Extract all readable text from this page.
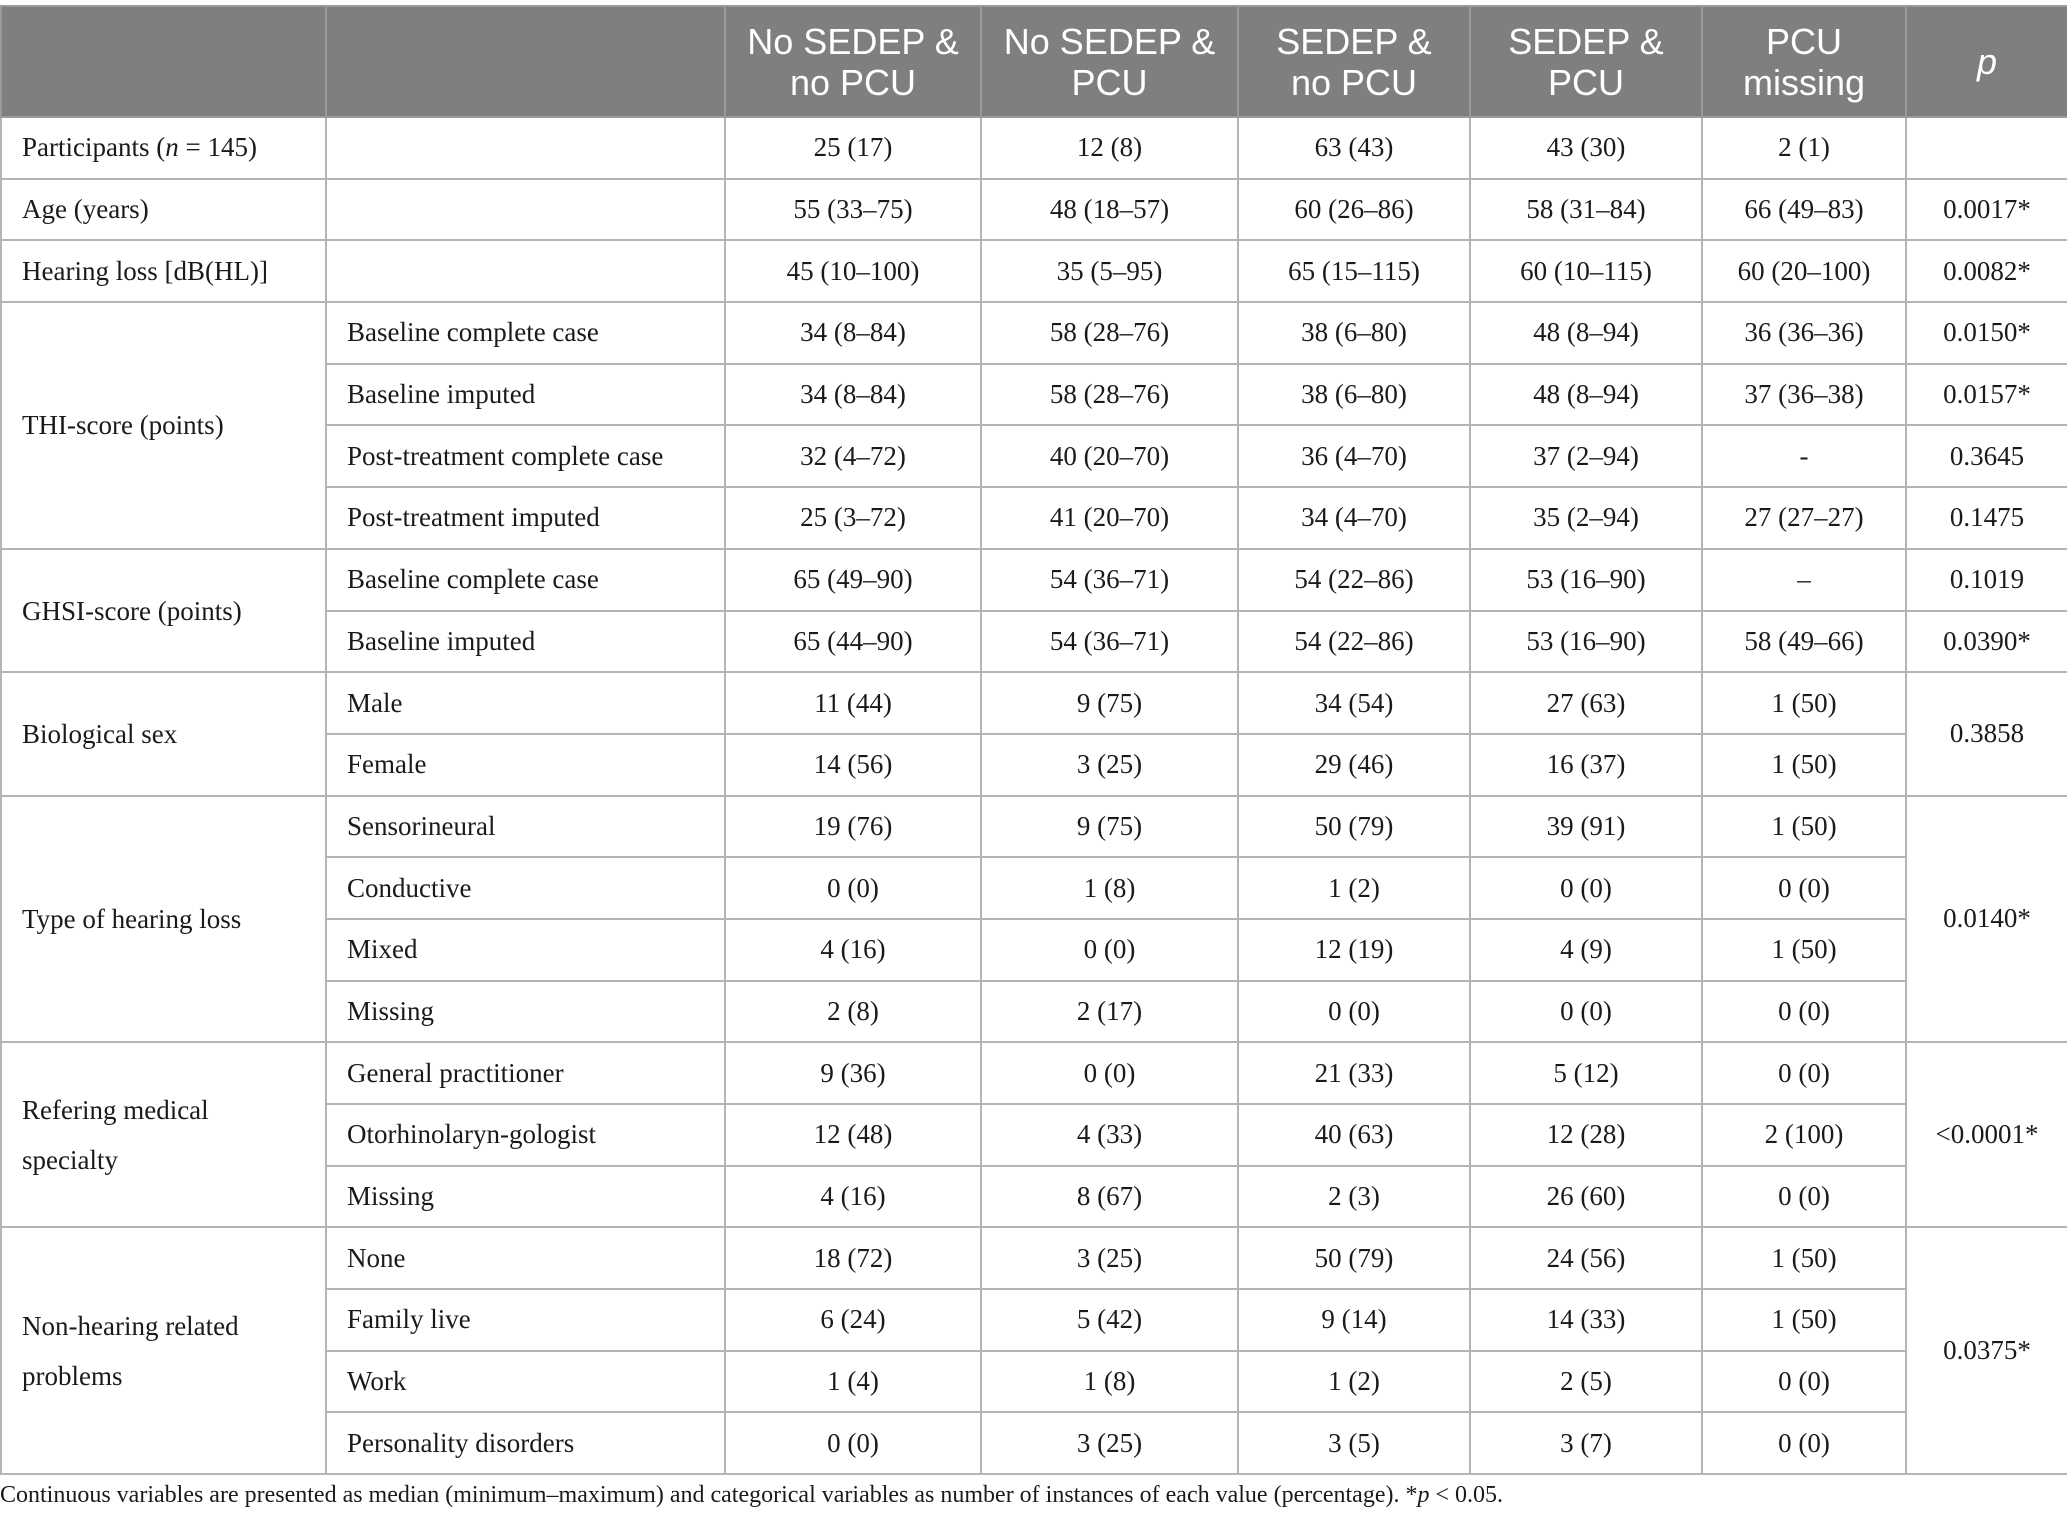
		No SEDEP & no PCU	No SEDEP & PCU	SEDEP & no PCU	SEDEP & PCU	PCU missing	p
Participants (n = 145)		25 (17)	12 (8)	63 (43)	43 (30)	2 (1)	
Age (years)		55 (33–75)	48 (18–57)	60 (26–86)	58 (31–84)	66 (49–83)	0.0017*
Hearing loss [dB(HL)]		45 (10–100)	35 (5–95)	65 (15–115)	60 (10–115)	60 (20–100)	0.0082*
THI-score (points)	Baseline complete case	34 (8–84)	58 (28–76)	38 (6–80)	48 (8–94)	36 (36–36)	0.0150*
	Baseline imputed	34 (8–84)	58 (28–76)	38 (6–80)	48 (8–94)	37 (36–38)	0.0157*
	Post-treatment complete case	32 (4–72)	40 (20–70)	36 (4–70)	37 (2–94)	-	0.3645
	Post-treatment imputed	25 (3–72)	41 (20–70)	34 (4–70)	35 (2–94)	27 (27–27)	0.1475
GHSI-score (points)	Baseline complete case	65 (49–90)	54 (36–71)	54 (22–86)	53 (16–90)	–	0.1019
	Baseline imputed	65 (44–90)	54 (36–71)	54 (22–86)	53 (16–90)	58 (49–66)	0.0390*
Biological sex	Male	11 (44)	9 (75)	34 (54)	27 (63)	1 (50)	0.3858
	Female	14 (56)	3 (25)	29 (46)	16 (37)	1 (50)	
Type of hearing loss	Sensorineural	19 (76)	9 (75)	50 (79)	39 (91)	1 (50)	0.0140*
	Conductive	0 (0)	1 (8)	1 (2)	0 (0)	0 (0)	
	Mixed	4 (16)	0 (0)	12 (19)	4 (9)	1 (50)	
	Missing	2 (8)	2 (17)	0 (0)	0 (0)	0 (0)	
Refering medical specialty	General practitioner	9 (36)	0 (0)	21 (33)	5 (12)	0 (0)	<0.0001*
	Otorhinolaryn-gologist	12 (48)	4 (33)	40 (63)	12 (28)	2 (100)	
	Missing	4 (16)	8 (67)	2 (3)	26 (60)	0 (0)	
Non-hearing related problems	None	18 (72)	3 (25)	50 (79)	24 (56)	1 (50)	0.0375*
	Family live	6 (24)	5 (42)	9 (14)	14 (33)	1 (50)	
	Work	1 (4)	1 (8)	1 (2)	2 (5)	0 (0)	
	Personality disorders	0 (0)	3 (25)	3 (5)	3 (7)	0 (0)	
Continuous variables are presented as median (minimum–maximum) and categorical variables as number of instances of each value (percentage). *p < 0.05.
